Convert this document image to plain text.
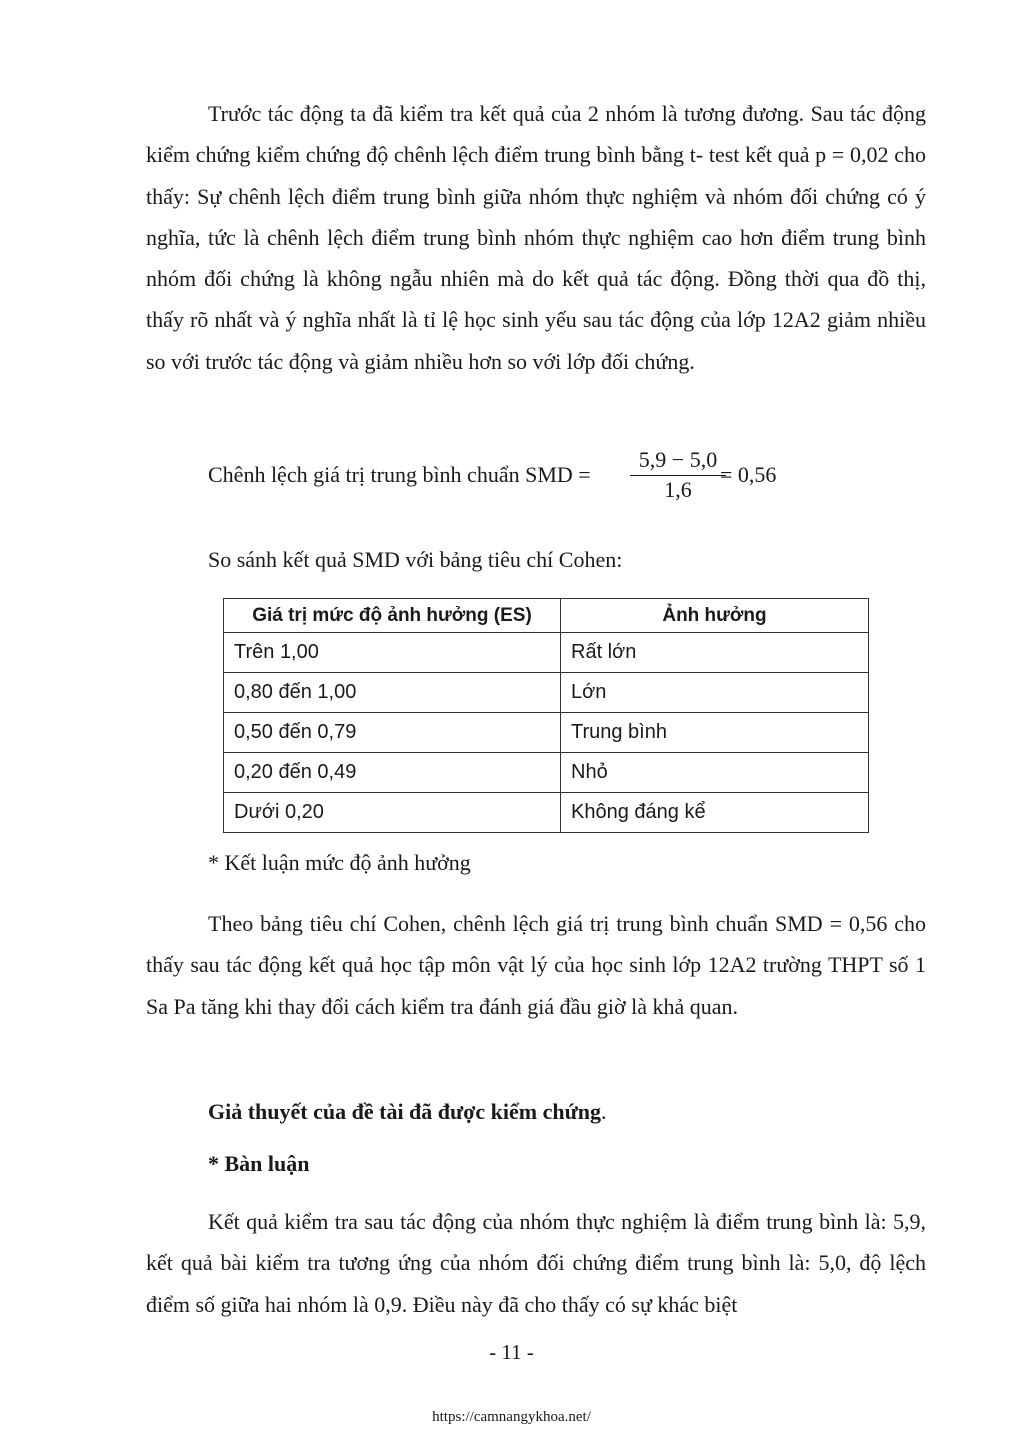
Trước tác động ta đã kiểm tra kết quả của 2 nhóm là tương đương. Sau tác động kiểm chứng kiểm chứng độ chênh lệch điểm trung bình bằng t- test kết quả p = 0,02 cho thấy: Sự chênh lệch điểm trung bình giữa nhóm thực nghiệm và nhóm đối chứng có ý nghĩa, tức là chênh lệch điểm trung bình nhóm thực nghiệm cao hơn điểm trung bình nhóm đối chứng là không ngẫu nhiên mà do kết quả tác động. Đồng thời qua đồ thị, thấy rõ nhất và ý nghĩa nhất là tỉ lệ học sinh yếu sau tác động của lớp 12A2 giảm nhiều so với trước tác động và giảm nhiều hơn so với lớp đối chứng.

Chênh lệch giá trị trung bình chuẩn SMD = $\frac{5,9 - 5,0}{1,6}$
= 0,56

So sánh kết quả SMD với bảng tiêu chí Cohen:

Giá trị mức độ ảnh hưởng (ES)	Ảnh hưởng
Trên 1,00	Rất lớn
0,80 đến 1,00	Lớn
0,50 đến 0,79	Trung bình
0,20 đến 0,49	Nhỏ
Dưới 0,20	Không đáng kể

* Kết luận mức độ ảnh hưởng

Theo bảng tiêu chí Cohen, chênh lệch giá trị trung bình chuẩn SMD = 0,56 cho thấy sau tác động kết quả học tập môn vật lý của học sinh lớp 12A2 trường THPT số 1 Sa Pa tăng khi thay đổi cách kiểm tra đánh giá đầu giờ là khả quan.

Giả thuyết của đề tài đã được kiểm chứng.

* Bàn luận

Kết quả kiểm tra sau tác động của nhóm thực nghiệm là điểm trung bình là: 5,9, kết quả bài kiểm tra tương ứng của nhóm đối chứng điểm trung bình là: 5,0, độ lệch điểm số giữa hai nhóm là 0,9. Điều này đã cho thấy có sự khác biệt

- 11 -
https://camnangykhoa.net/
